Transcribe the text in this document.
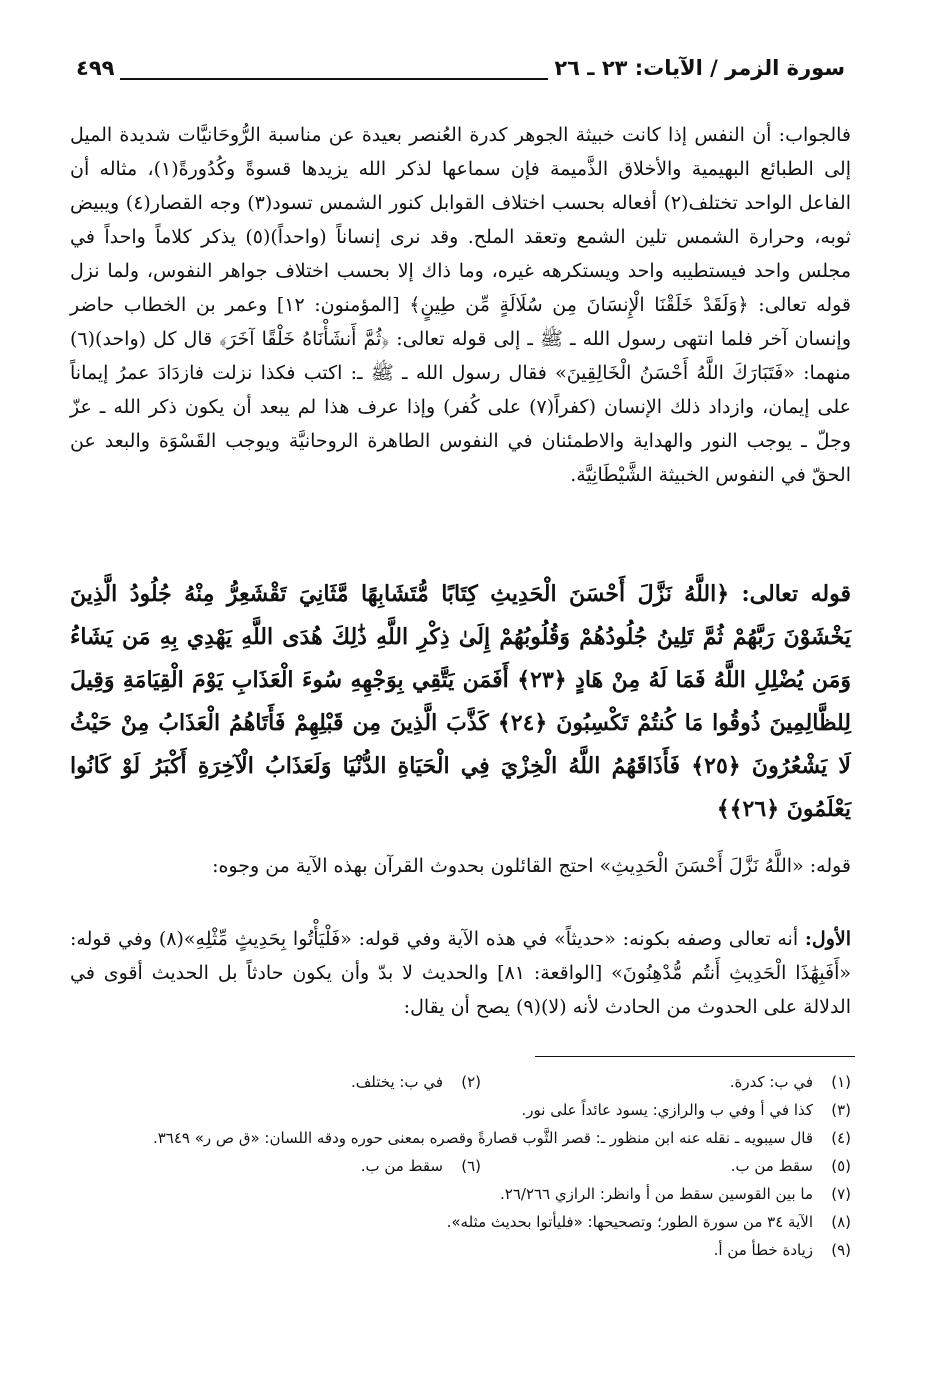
سورة الزمر / الآيات: ٢٣ ـ ٢٦
٤٩٩
فالجواب: أن النفس إذا كانت خبيثة الجوهر كدرة العُنصر بعيدة عن مناسبة الرُّوحَانيَّات شديدة الميل إلى الطبائع البهيمية والأخلاق الذَّميمة فإن سماعها لذكر الله يزيدها قسوةً وكُدُورةً(١)، مثاله أن الفاعل الواحد تختلف(٢) أفعاله بحسب اختلاف القوابل كنور الشمس تسود(٣) وجه القصار(٤) ويبيض ثوبه، وحرارة الشمس تلين الشمع وتعقد الملح. وقد نرى إنساناً (واحداً)(٥) يذكر كلاماً واحداً في مجلس واحد فيستطيبه واحد ويستكرهه غيره، وما ذاك إلا بحسب اختلاف جواهر النفوس، ولما نزل قوله تعالى: ﴿وَلَقَدْ خَلَقْنَا الْإِنسَانَ مِن سُلَالَةٍ مِّن طِينٍ﴾ [المؤمنون: ١٢] وعمر بن الخطاب حاضر وإنسان آخر فلما انتهى رسول الله ـ ﷺ ـ إلى قوله تعالى: ﴿ثُمَّ أَنشَأْنَاهُ خَلْقًا آخَرَ﴾ قال كل (واحد)(٦) منهما: «فَتَبَارَكَ اللَّهُ أَحْسَنُ الْخَالِقِينَ» فقال رسول الله ـ ﷺ ـ: اكتب فكذا نزلت فازدَادَ عمرُ إيماناً على إيمان، وازداد ذلك الإنسان (كفراً(٧) على كُفر) وإذا عرف هذا لم يبعد أن يكون ذكر الله ـ عزّ وجلّ ـ يوجب النور والهداية والاطمئنان في النفوس الطاهرة الروحانيَّة ويوجب القَسْوَة والبعد عن الحقّ في النفوس الخبيثة الشَّيْطَانِيَّة.
قوله تعالى: ﴿اللَّهُ نَزَّلَ أَحْسَنَ الْحَدِيثِ كِتَابًا مُّتَشَابِهًا مَّثَانِيَ تَقْشَعِرُّ مِنْهُ جُلُودُ الَّذِينَ يَخْشَوْنَ رَبَّهُمْ ثُمَّ تَلِينُ جُلُودُهُمْ وَقُلُوبُهُمْ إِلَىٰ ذِكْرِ اللَّهِ ذَٰلِكَ هُدَى اللَّهِ يَهْدِي بِهِ مَن يَشَاءُ وَمَن يُضْلِلِ اللَّهُ فَمَا لَهُ مِنْ هَادٍ ﴿٢٣﴾ أَفَمَن يَتَّقِي بِوَجْهِهِ سُوءَ الْعَذَابِ يَوْمَ الْقِيَامَةِ وَقِيلَ لِلظَّالِمِينَ ذُوقُوا مَا كُنتُمْ تَكْسِبُونَ ﴿٢٤﴾ كَذَّبَ الَّذِينَ مِن قَبْلِهِمْ فَأَتَاهُمُ الْعَذَابُ مِنْ حَيْثُ لَا يَشْعُرُونَ ﴿٢٥﴾ فَأَذَاقَهُمُ اللَّهُ الْخِزْيَ فِي الْحَيَاةِ الدُّنْيَا وَلَعَذَابُ الْآخِرَةِ أَكْبَرُ لَوْ كَانُوا يَعْلَمُونَ ﴿٢٦﴾﴾
قوله: «اللَّهُ نَزَّلَ أَحْسَنَ الْحَدِيثِ» احتج القائلون بحدوث القرآن بهذه الآية من وجوه:
الأول: أنه تعالى وصفه بكونه: «حديثاً» في هذه الآية وفي قوله: «فَلْيَأْتُوا بِحَدِيثٍ مِّثْلِهِ»(٨) وفي قوله: «أَفَبِهَٰذَا الْحَدِيثِ أَنتُم مُّدْهِنُونَ» [الواقعة: ٨١] والحديث لا بدّ وأن يكون حادثاً بل الحديث أقوى في الدلالة على الحدوث من الحادث لأنه (لا)(٩) يصح أن يقال:
(١)
في ب: كدرة.
(٢)
في ب: يختلف.
(٣)
كذا في أ وفي ب والرازي: يسود عائداً على نور.
(٤)
قال سيبويه ـ نقله عنه ابن منظور ـ: قصر الثَّوب قصارةً وقصره بمعنى حوره ودقه اللسان: «ق ص ر» ٣٦٤٩.
(٥)
سقط من ب.
(٦)
سقط من ب.
(٧)
ما بين القوسين سقط من أ وانظر: الرازي ٢٦/٢٦٦.
(٨)
الآية ٣٤ من سورة الطور؛ وتصحيحها: «فليأتوا بحديث مثله».
(٩)
زيادة خطأ من أ.
